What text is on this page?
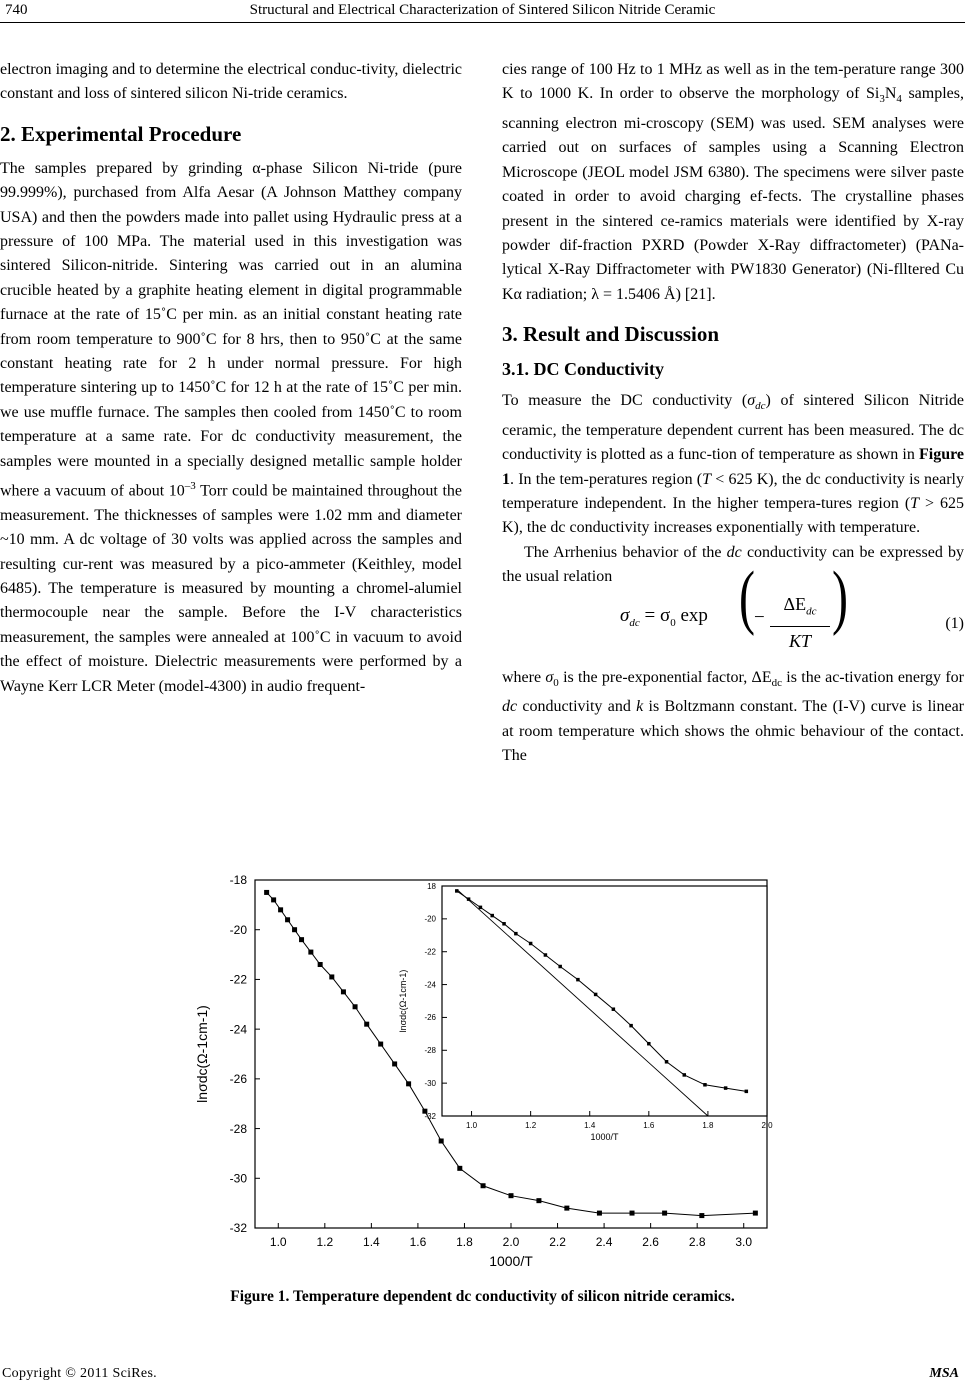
740	Structural and Electrical Characterization of Sintered Silicon Nitride Ceramic

electron imaging and to determine the electrical conduc-tivity, dielectric constant and loss of sintered silicon Ni-tride ceramics.

2. Experimental Procedure

The samples prepared by grinding α-phase Silicon Ni-tride (pure 99.999%), purchased from Alfa Aesar (A Johnson Matthey company USA) and then the powders made into pallet using Hydraulic press at a pressure of 100 MPa. The material used in this investigation was sintered Silicon-nitride. Sintering was carried out in an alumina crucible heated by a graphite heating element in digital programmable furnace at the rate of 15˚C per min. as an initial constant heating rate from room temperature to 900˚C for 8 hrs, then to 950˚C at the same constant heating rate for 2 h under normal pressure. For high temperature sintering up to 1450˚C for 12 h at the rate of 15˚C per min. we use muffle furnace. The samples then cooled from 1450˚C to room temperature at a same rate. For dc conductivity measurement, the samples were mounted in a specially designed metallic sample holder where a vacuum of about $10^{-3}$ Torr could be maintained throughout the measurement. The thicknesses of samples were 1.02 mm and diameter ~10 mm. A dc voltage of 30 volts was applied across the samples and resulting cur-rent was measured by a pico-ammeter (Keithley, model 6485). The temperature is measured by mounting a chromel-alumiel thermocouple near the sample. Before the I-V characteristics measurement, the samples were annealed at 100˚C in vacuum to avoid the effect of moisture. Dielectric measurements were performed by a Wayne Kerr LCR Meter (model-4300) in audio frequent-

cies range of 100 Hz to 1 MHz as well as in the tem-perature range 300 K to 1000 K. In order to observe the morphology of $Si_3N_4$ samples, scanning electron mi-croscopy (SEM) was used. SEM analyses were carried out on surfaces of samples using a Scanning Electron Microscope (JEOL model JSM 6380). The specimens were silver paste coated in order to avoid charging ef-fects. The crystalline phases present in the sintered ce-ramics materials were identified by X-ray powder dif-fraction PXRD (Powder X-Ray diffractometer) (PANa-lytical X-Ray Diffractometer with PW1830 Generator) (Ni-flltered Cu Kα radiation; λ = 1.5406 Å) [21].

3. Result and Discussion
3.1. DC Conductivity

To measure the DC conductivity $(\sigma_{dc})$ of sintered Silicon Nitride ceramic, the temperature dependent current has been measured. The dc conductivity is plotted as a func-tion of temperature as shown in Figure 1. In the tem-peratures region (T < 625 K), the dc conductivity is nearly temperature independent. In the higher tempera-tures region (T > 625 K), the dc conductivity increases exponentially with temperature.

The Arrhenius behavior of the dc conductivity can be expressed by the usual relation

$\sigma_{dc} = \sigma_0$ exp ( −
$\Delta E_{dc}$
KT
)	(1)

where $\sigma_0$ is the pre-exponential factor, $\Delta E_{dc}$ is the ac-tivation energy for dc conductivity and k is Boltzmann constant. The (I-V) curve is linear at room temperature which shows the ohmic behaviour of the contact. The

1.0 1.2 1.4 1.6 1.8 2.0 2.2 2.4 2.6 2.8 3.0
-18
-20
-22
-24
-26
-28
-30
-32
1000/T
lnσdc(Ω-1cm-1)
1.0	1.2	1.4	1.6	1.8	2.0
18
-20
-22
-24
-26
-28
-30
-32
1000/T
lnσdc(Ω-1cm-1)
Figure 1. Temperature dependent dc conductivity of silicon nitride ceramics.
Copyright © 2011 SciRes.	MSA
